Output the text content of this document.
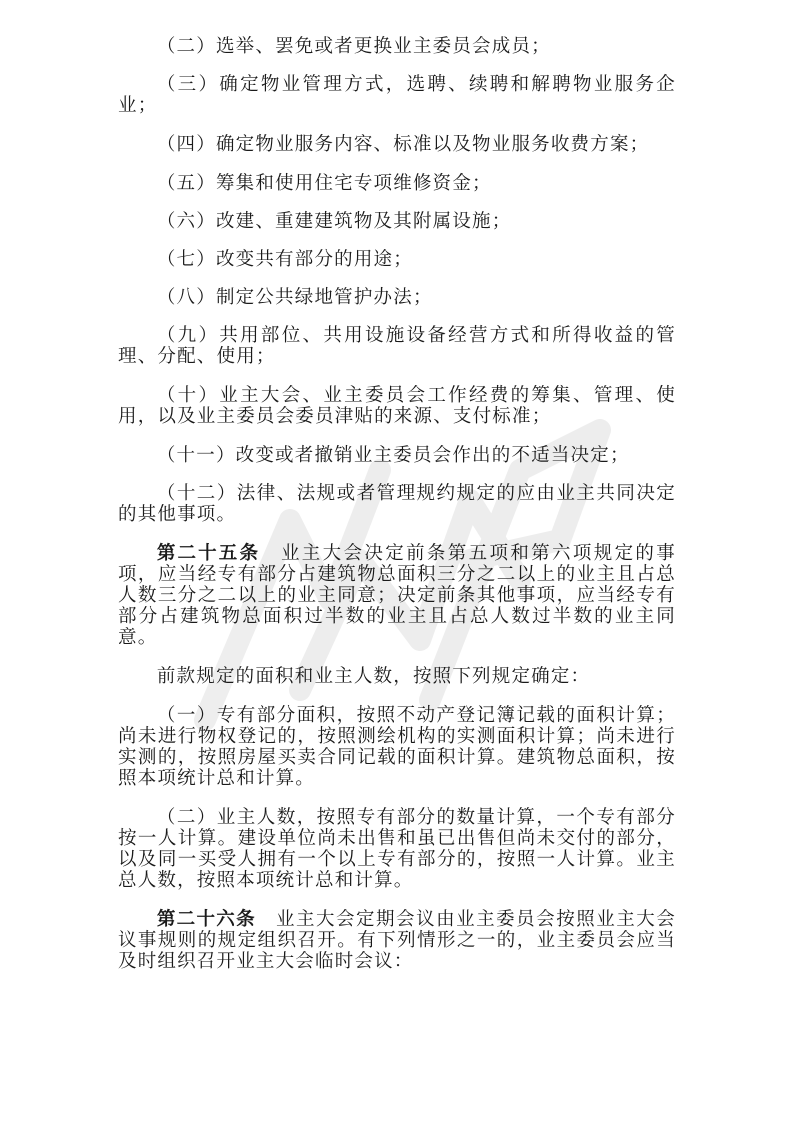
（二）选举、罢免或者更换业主委员会成员；

（三）确定物业管理方式，选聘、续聘和解聘物业服务企业；

（四）确定物业服务内容、标准以及物业服务收费方案；

（五）筹集和使用住宅专项维修资金；

（六）改建、重建建筑物及其附属设施；

（七）改变共有部分的用途；

（八）制定公共绿地管护办法；

（九）共用部位、共用设施设备经营方式和所得收益的管理、分配、使用；

（十）业主大会、业主委员会工作经费的筹集、管理、使用，以及业主委员会委员津贴的来源、支付标准；

（十一）改变或者撤销业主委员会作出的不适当决定；

（十二）法律、法规或者管理规约规定的应由业主共同决定的其他事项。

第二十五条　业主大会决定前条第五项和第六项规定的事项，应当经专有部分占建筑物总面积三分之二以上的业主且占总人数三分之二以上的业主同意；决定前条其他事项，应当经专有部分占建筑物总面积过半数的业主且占总人数过半数的业主同意。

前款规定的面积和业主人数，按照下列规定确定：

（一）专有部分面积，按照不动产登记簿记载的面积计算；尚未进行物权登记的，按照测绘机构的实测面积计算；尚未进行实测的，按照房屋买卖合同记载的面积计算。建筑物总面积，按照本项统计总和计算。

（二）业主人数，按照专有部分的数量计算，一个专有部分按一人计算。建设单位尚未出售和虽已出售但尚未交付的部分，以及同一买受人拥有一个以上专有部分的，按照一人计算。业主总人数，按照本项统计总和计算。

第二十六条　业主大会定期会议由业主委员会按照业主大会议事规则的规定组织召开。有下列情形之一的，业主委员会应当及时组织召开业主大会临时会议：
